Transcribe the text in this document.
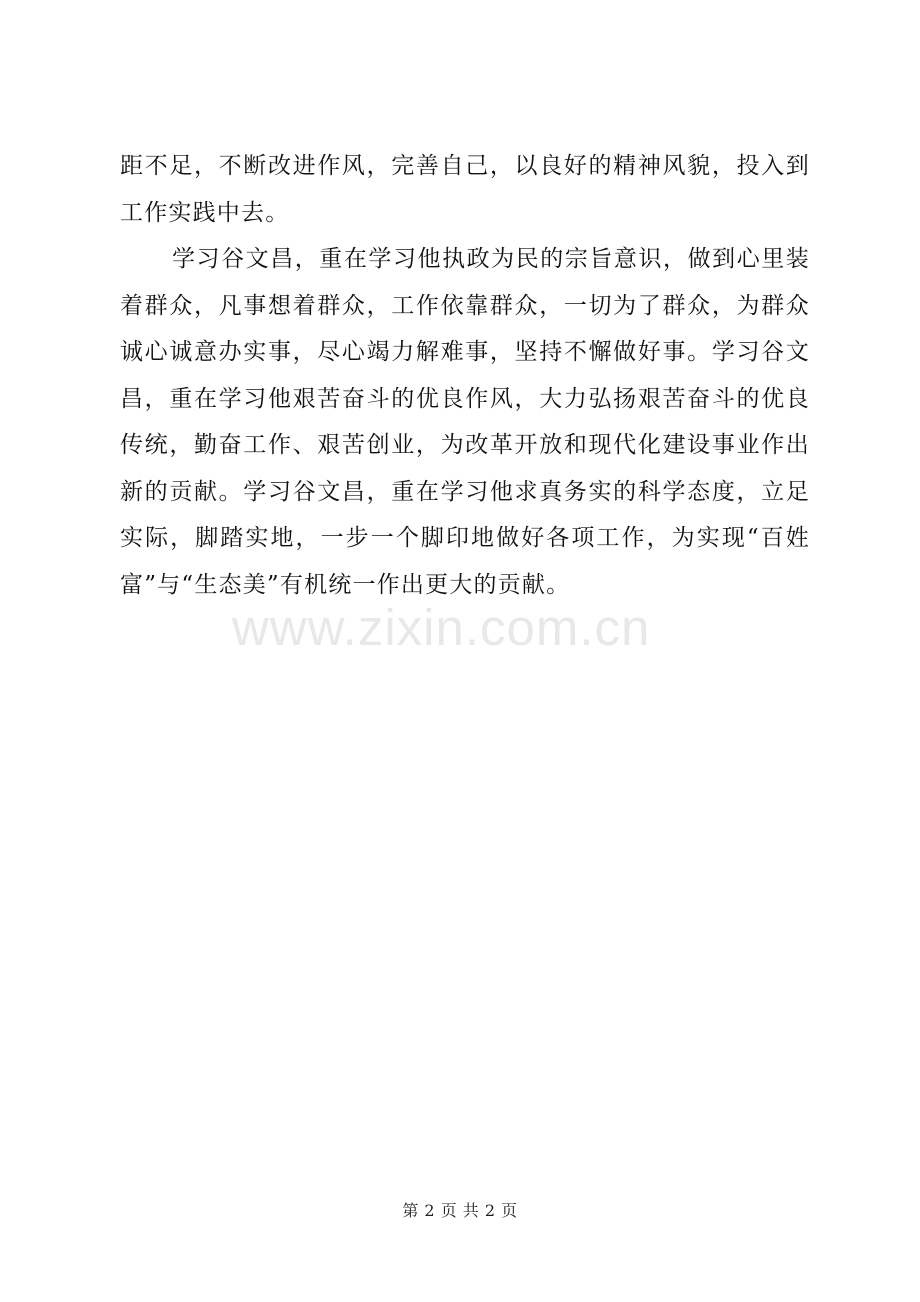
距不足，不断改进作风，完善自己，以良好的精神风貌，投入到
工作实践中去。
学习谷文昌，重在学习他执政为民的宗旨意识，做到心里装
着群众，凡事想着群众，工作依靠群众，一切为了群众，为群众
诚心诚意办实事，尽心竭力解难事，坚持不懈做好事。学习谷文
昌，重在学习他艰苦奋斗的优良作风，大力弘扬艰苦奋斗的优良
传统，勤奋工作、艰苦创业，为改革开放和现代化建设事业作出
新的贡献。学习谷文昌，重在学习他求真务实的科学态度，立足
实际，脚踏实地，一步一个脚印地做好各项工作，为实现“百姓
富”与“生态美”有机统一作出更大的贡献。
www.zixin.com.cn
第 2 页 共 2 页
